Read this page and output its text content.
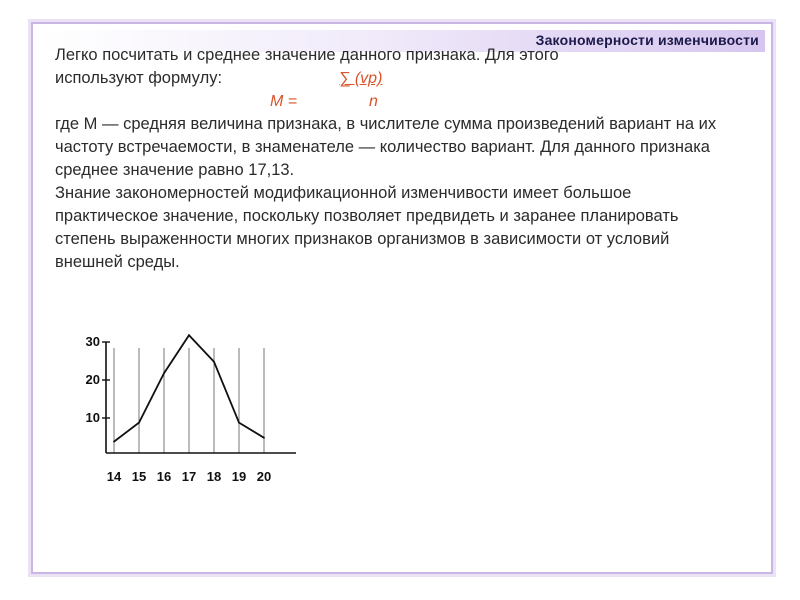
Закономерности изменчивости

Легко посчитать и среднее значение данного признака. Для этого

используют формулу:	∑ (vp)
M =	n

где М — средняя величина признака, в числителе сумма произведений вариант на их частоту встречаемости, в знаменателе — количество вариант. Для данного признака среднее значение равно 17,13.

Знание закономерностей модификационной изменчивости имеет большое практическое значение, поскольку позволяет предвидеть и заранее планировать степень выраженности многих признаков организмов в зависимости от условий внешней среды.

10
20
30
14 15 16 17 18 19 20
